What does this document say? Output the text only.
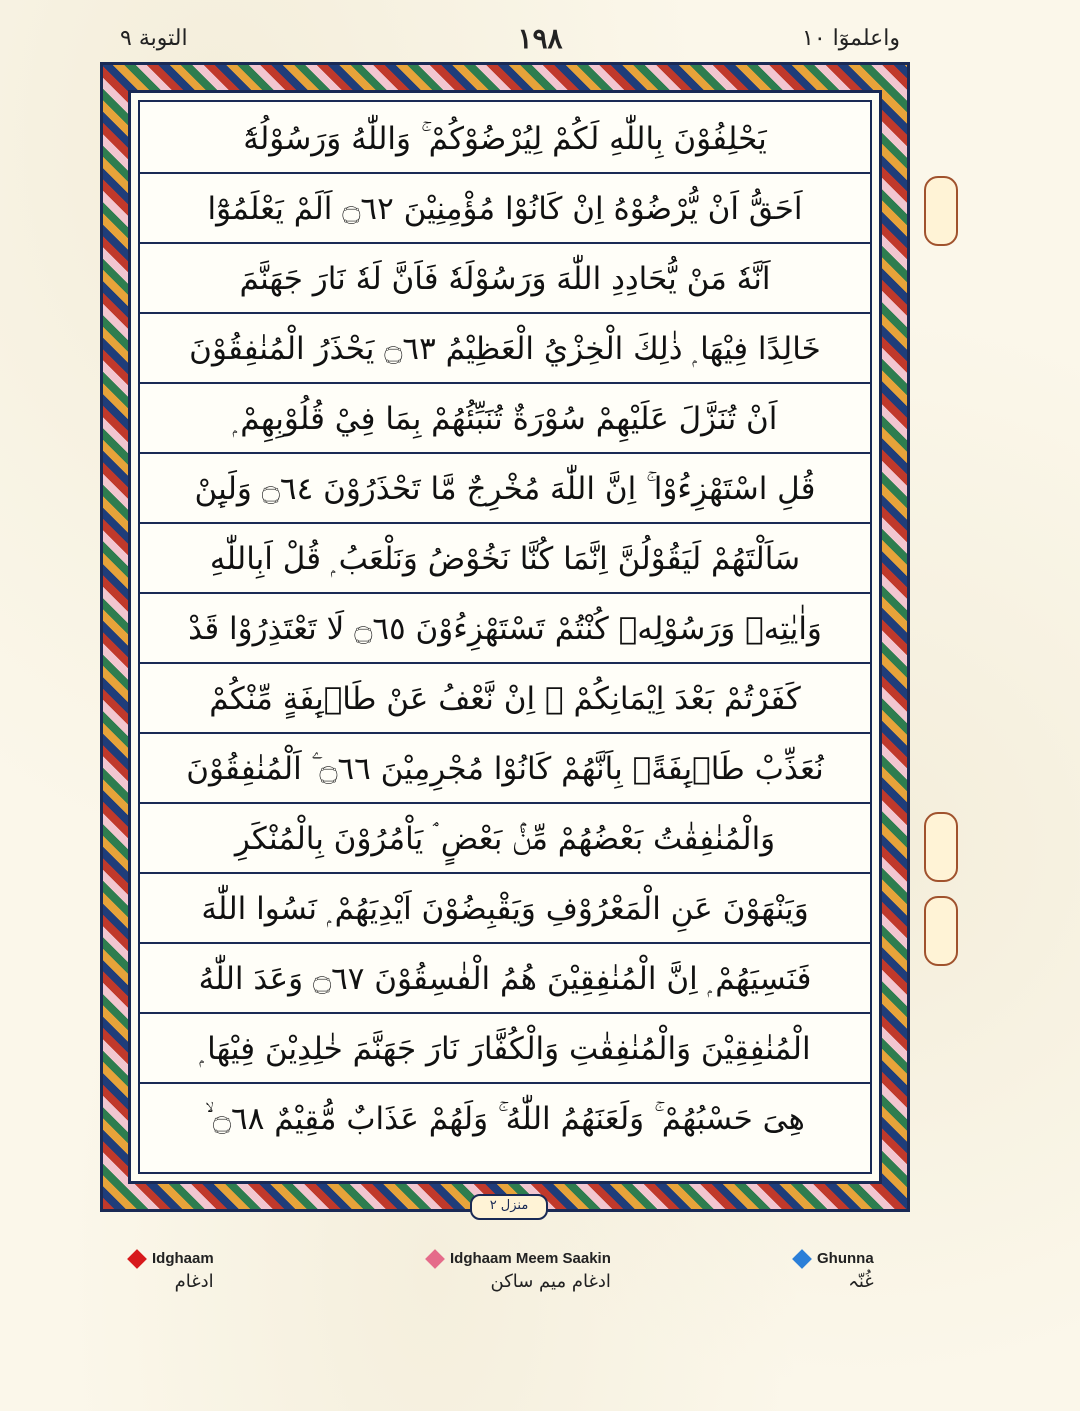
واعلموٓا ١٠
١٩٨
التوبة ٩
يَحْلِفُوْنَ بِاللّٰهِ لَكُمْ لِيُرْضُوْكُمْ ۚ وَاللّٰهُ وَرَسُوْلُهٗٓ
اَحَقُّ اَنْ يُّرْضُوْهُ اِنْ كَانُوْا مُؤْمِنِيْنَ ۝٦٢ اَلَمْ يَعْلَمُوْٓا
اَنَّهٗ مَنْ يُّحَادِدِ اللّٰهَ وَرَسُوْلَهٗ فَاَنَّ لَهٗ نَارَ جَهَنَّمَ
خَالِدًا فِيْهَا ۭ ذٰلِكَ الْخِزْيُ الْعَظِيْمُ ۝٦٣ يَحْذَرُ الْمُنٰفِقُوْنَ
اَنْ تُنَزَّلَ عَلَيْهِمْ سُوْرَةٌ تُنَبِّئُهُمْ بِمَا فِيْ قُلُوْبِهِمْ ۭ
قُلِ اسْتَهْزِءُوْا ۚ اِنَّ اللّٰهَ مُخْرِجٌ مَّا تَحْذَرُوْنَ ۝٦٤ وَلَىِٕنْ
سَاَلْتَهُمْ لَيَقُوْلُنَّ اِنَّمَا كُنَّا نَخُوْضُ وَنَلْعَبُ ۭ قُلْ اَبِاللّٰهِ
وَاٰيٰتِهٖ وَرَسُوْلِهٖ كُنْتُمْ تَسْتَهْزِءُوْنَ ۝٦٥ لَا تَعْتَذِرُوْا قَدْ
كَفَرْتُمْ بَعْدَ اِيْمَانِكُمْ ۭ اِنْ نَّعْفُ عَنْ طَاۗىِٕفَةٍ مِّنْكُمْ
نُعَذِّبْ طَاۗىِٕفَةًۢ بِاَنَّهُمْ كَانُوْا مُجْرِمِيْنَ ۝٦٦ ۧ اَلْمُنٰفِقُوْنَ
وَالْمُنٰفِقٰتُ بَعْضُهُمْ مِّنْۢ بَعْضٍ ۘ يَاْمُرُوْنَ بِالْمُنْكَرِ
وَيَنْهَوْنَ عَنِ الْمَعْرُوْفِ وَيَقْبِضُوْنَ اَيْدِيَهُمْ ۭ نَسُوا اللّٰهَ
فَنَسِيَهُمْ ۭ اِنَّ الْمُنٰفِقِيْنَ هُمُ الْفٰسِقُوْنَ ۝٦٧ وَعَدَ اللّٰهُ
الْمُنٰفِقِيْنَ وَالْمُنٰفِقٰتِ وَالْكُفَّارَ نَارَ جَهَنَّمَ خٰلِدِيْنَ فِيْهَا ۭ
هِىَ حَسْبُهُمْ ۚ وَلَعَنَهُمُ اللّٰهُ ۚ وَلَهُمْ عَذَابٌ مُّقِيْمٌ ۝٦٨ ۙ
منزل ٢
Idghaam
ادغام
Idghaam Meem Saakin
ادغام میم ساکن
Ghunna
غُنّہ
